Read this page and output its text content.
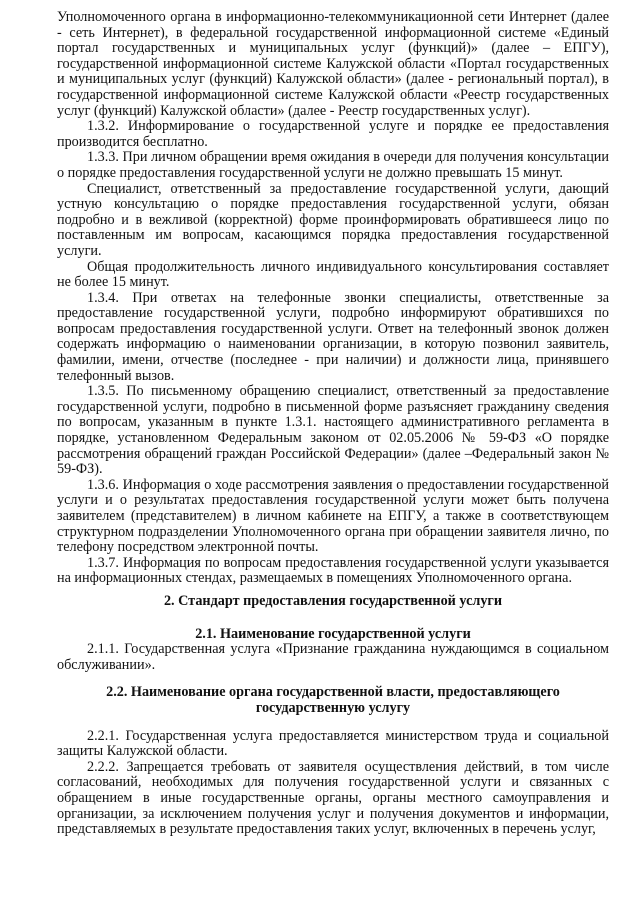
Уполномоченного органа в информационно-телекоммуникационной сети Интернет (далее - сеть Интернет), в федеральной государственной информационной системе «Единый портал государственных и муниципальных услуг (функций)» (далее – ЕПГУ), государственной информационной системе Калужской области «Портал государственных и муниципальных услуг (функций) Калужской области» (далее - региональный портал), в государственной информационной системе Калужской области «Реестр государственных услуг (функций) Калужской области» (далее - Реестр государственных услуг).

1.3.2. Информирование о государственной услуге и порядке ее предоставления производится бесплатно.

1.3.3. При личном обращении время ожидания в очереди для получения консультации о порядке предоставления государственной услуги не должно превышать 15 минут.

Специалист, ответственный за предоставление государственной услуги, дающий устную консультацию о порядке предоставления государственной услуги, обязан подробно и в вежливой (корректной) форме проинформировать обратившееся лицо по поставленным им вопросам, касающимся порядка предоставления государственной услуги.

Общая продолжительность личного индивидуального консультирования составляет не более 15 минут.

1.3.4. При ответах на телефонные звонки специалисты, ответственные за предоставление государственной услуги, подробно информируют обратившихся по вопросам предоставления государственной услуги. Ответ на телефонный звонок должен содержать информацию о наименовании организации, в которую позвонил заявитель, фамилии, имени, отчестве (последнее - при наличии) и должности лица, принявшего телефонный вызов.

1.3.5. По письменному обращению специалист, ответственный за предоставление государственной услуги, подробно в письменной форме разъясняет гражданину сведения по вопросам, указанным в пункте 1.3.1. настоящего административного регламента в порядке, установленном Федеральным законом от 02.05.2006 № 59-ФЗ «О порядке рассмотрения обращений граждан Российской Федерации» (далее –Федеральный закон № 59-ФЗ).

1.3.6. Информация о ходе рассмотрения заявления о предоставлении государственной услуги и о результатах предоставления государственной услуги может быть получена заявителем (представителем) в личном кабинете на ЕПГУ, а также в соответствующем структурном подразделении Уполномоченного органа при обращении заявителя лично, по телефону посредством электронной почты.

1.3.7. Информация по вопросам предоставления государственной услуги указывается на информационных стендах, размещаемых в помещениях Уполномоченного органа.

2. Стандарт предоставления государственной услуги
2.1. Наименование государственной услуги

2.1.1. Государственная услуга «Признание гражданина нуждающимся в социальном обслуживании».

2.2. Наименование органа государственной власти, предоставляющего государственную услугу

2.2.1. Государственная услуга предоставляется министерством труда и социальной защиты Калужской области.

2.2.2. Запрещается требовать от заявителя осуществления действий, в том числе согласований, необходимых для получения государственной услуги и связанных с обращением в иные государственные органы, органы местного самоуправления и организации, за исключением получения услуг и получения документов и информации, представляемых в результате предоставления таких услуг, включенных в перечень услуг,
